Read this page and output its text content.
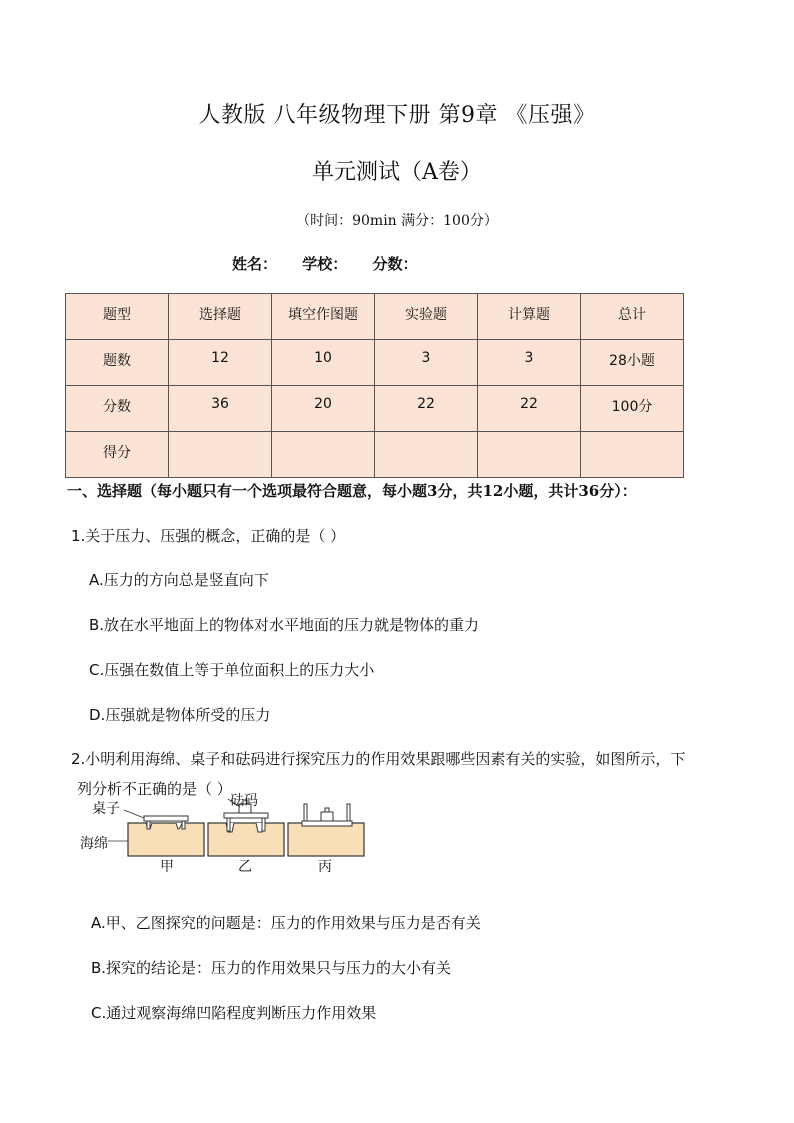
人教版 八年级物理下册 第9章 《压强》
单元测试（A卷）
（时间：90min 满分：100分）
姓名： 学校： 分数：
题型	选择题	填空作图题	实验题	计算题	总计
题数	12	10	3	3	28小题
分数	36	20	22	22	100分
得分					
一、选择题（每小题只有一个选项最符合题意，每小题3分，共12小题，共计36分）：
1.关于压力、压强的概念，正确的是（ ）
A.压力的方向总是竖直向下
B.放在水平地面上的物体对水平地面的压力就是物体的重力
C.压强在数值上等于单位面积上的压力大小
D.压强就是物体所受的压力
2.小明利用海绵、桌子和砝码进行探究压力的作用效果跟哪些因素有关的实验，如图所示，下
列分析不正确的是（ ）
桌子	砝码
海绵
甲	乙	丙
A.甲、乙图探究的问题是：压力的作用效果与压力是否有关
B.探究的结论是：压力的作用效果只与压力的大小有关
C.通过观察海绵凹陷程度判断压力作用效果
